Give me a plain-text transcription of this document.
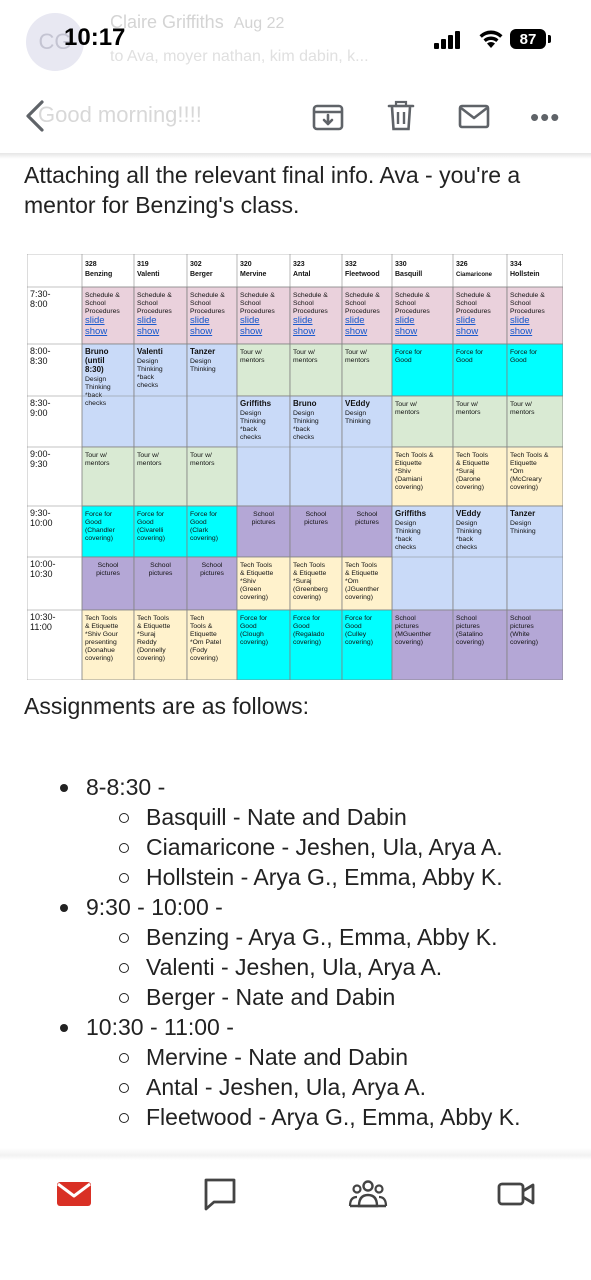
CG
Claire Griffiths Aug 22
to Ava, moyer nathan, kim dabin, k...
10:17	87
Good morning!!!!	•••
Attaching all the relevant final info. Ava - you're a mentor for Benzing's class.
328
Benzing
319
Valenti
302
Berger
320
Mervine
323
Antal
332
Fleetwood
330
Basquill
326
Ciamaricone
334
Hollstein
7:30-
8:00
8:00-
8:30
8:30-
9:00
9:00-
9:30
9:30-
10:00
10:00-
10:30
10:30-
11:00
Schedule &
School
Procedures
slide
show
Schedule &
School
Procedures
slide
show
Schedule &
School
Procedures
slide
show
Schedule &
School
Procedures
slide
show
Schedule &
School
Procedures
slide
show
Schedule &
School
Procedures
slide
show
Schedule &
School
Procedures
slide
show
Schedule &
School
Procedures
slide
show
Schedule &
School
Procedures
slide
show
Bruno
(until
8:30)
Design
Thinking
*back
checks
Valenti
Design
Thinking
*back
checks
Tanzer
Design
Thinking
Tour w/
mentors
Tour w/
mentors
Tour w/
mentors
Force for
Good
Force for
Good
Force for
Good
Griffiths
Design
Thinking
*back
checks
Bruno
Design
Thinking
*back
checks
VEddy
Design
Thinking
Tour w/
mentors
Tour w/
mentors
Tour w/
mentors
Tour w/
mentors
Tour w/
mentors
Tour w/
mentors
Tech Tools &
Etiquette
*Shiv
(Damiani
covering)
Tech Tools
& Etiquette
*Suraj
(Darone
covering)
Tech Tools &
Etiquette
*Om
(McCreary
covering)
Force for
Good
(Chandler
covering)
Force for
Good
(Civarelli
covering)
Force for
Good
(Clark
covering)
School
pictures
School
pictures
School
pictures
Griffiths
Design
Thinking
*back
checks
VEddy
Design
Thinking
*back
checks
Tanzer
Design
Thinking
School
pictures
School
pictures
School
pictures
Tech Tools
& Etiquette
*Shiv
(Green
covering)
Tech Tools
& Etiquette
*Suraj
(Greenberg
covering)
Tech Tools
& Etiquette
*Om
(JGuenther
covering)
Tech Tools
& Etiquette
*Shiv Gour
presenting
(Donahue
covering)
Tech Tools
& Etiquette
*Suraj
Reddy
(Donnelly
covering)
Tech
Tools &
Etiquette
*Om Patel
(Fody
covering)
Force for
Good
(Clough
covering)
Force for
Good
(Regalado
covering)
Force for
Good
(Culley
covering)
School
pictures
(MGuenther
covering)
School
pictures
(Satalino
covering)
School
pictures
(White
covering)
Assignments are as follows:
8-8:30 -
Basquill - Nate and Dabin
Ciamaricone - Jeshen, Ula, Arya A.
Hollstein - Arya G., Emma, Abby K.
9:30 - 10:00 -
Benzing - Arya G., Emma, Abby K.
Valenti - Jeshen, Ula, Arya A.
Berger - Nate and Dabin
10:30 - 11:00 -
Mervine - Nate and Dabin
Antal - Jeshen, Ula, Arya A.
Fleetwood - Arya G., Emma, Abby K.
